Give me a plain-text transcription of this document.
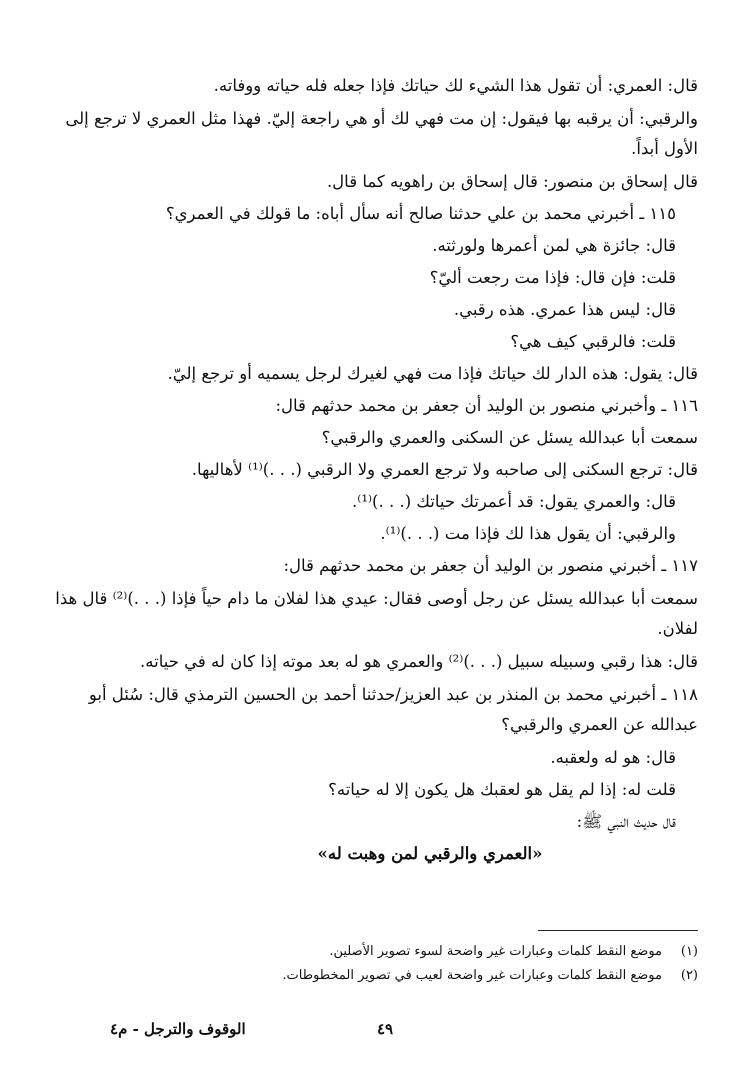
قال: العمري: أن تقول هذا الشيء لك حياتك فإذا جعله فله حياته ووفاته.

والرقبي: أن يرقبه بها فيقول: إن مت فهي لك أو هي راجعة إليّ. فهذا مثل العمري لا ترجع إلى الأول أبداً.

قال إسحاق بن منصور: قال إسحاق بن راهويه كما قال.

١١٥ ـ أخبرني محمد بن علي حدثنا صالح أنه سأل أباه: ما قولك في العمري؟

قال: جائزة هي لمن أعمرها ولورثته.

قلت: فإن قال: فإذا مت رجعت أليّ؟

قال: ليس هذا عمري. هذه رقبي.

قلت: فالرقبي كيف هي؟

قال: يقول: هذه الدار لك حياتك فإذا مت فهي لغيرك لرجل يسميه أو ترجع إليّ.

١١٦ ـ وأخبرني منصور بن الوليد أن جعفر بن محمد حدثهم قال:

سمعت أبا عبدالله يسئل عن السكنى والعمري والرقبي؟

قال: ترجع السكنى إلى صاحبه ولا ترجع العمري ولا الرقبي (. . .)⁽¹⁾ لأهاليها.

قال: والعمري يقول: قد أعمرتك حياتك (. . .)⁽¹⁾.

والرقبي: أن يقول هذا لك فإذا مت (. . .)⁽¹⁾.

١١٧ ـ أخبرني منصور بن الوليد أن جعفر بن محمد حدثهم قال:

سمعت أبا عبدالله يسئل عن رجل أوصى فقال: عيدي هذا لفلان ما دام حياً فإذا (. . .)⁽²⁾ قال هذا لفلان.

قال: هذا رقبي وسبيله سبيل (. . .)⁽²⁾ والعمري هو له بعد موته إذا كان له في حياته.

١١٨ ـ أخبرني محمد بن المنذر بن عبد العزيز/حدثنا أحمد بن الحسين الترمذي قال: سُئل أبو عبدالله عن العمري والرقبي؟

قال: هو له ولعقبه.

قلت له: إذا لم يقل هو لعقبك هل يكون إلا له حياته؟

قال حديث النبي ﷺ:

«العمري والرقبي لمن وهبت له»

(١)موضع النقط كلمات وعبارات غير واضحة لسوء تصوير الأصلين.

(٢)موضع النقط كلمات وعبارات غير واضحة لعيب في تصوير المخطوطات.

٤٩
الوقوف والترجل - م٤
